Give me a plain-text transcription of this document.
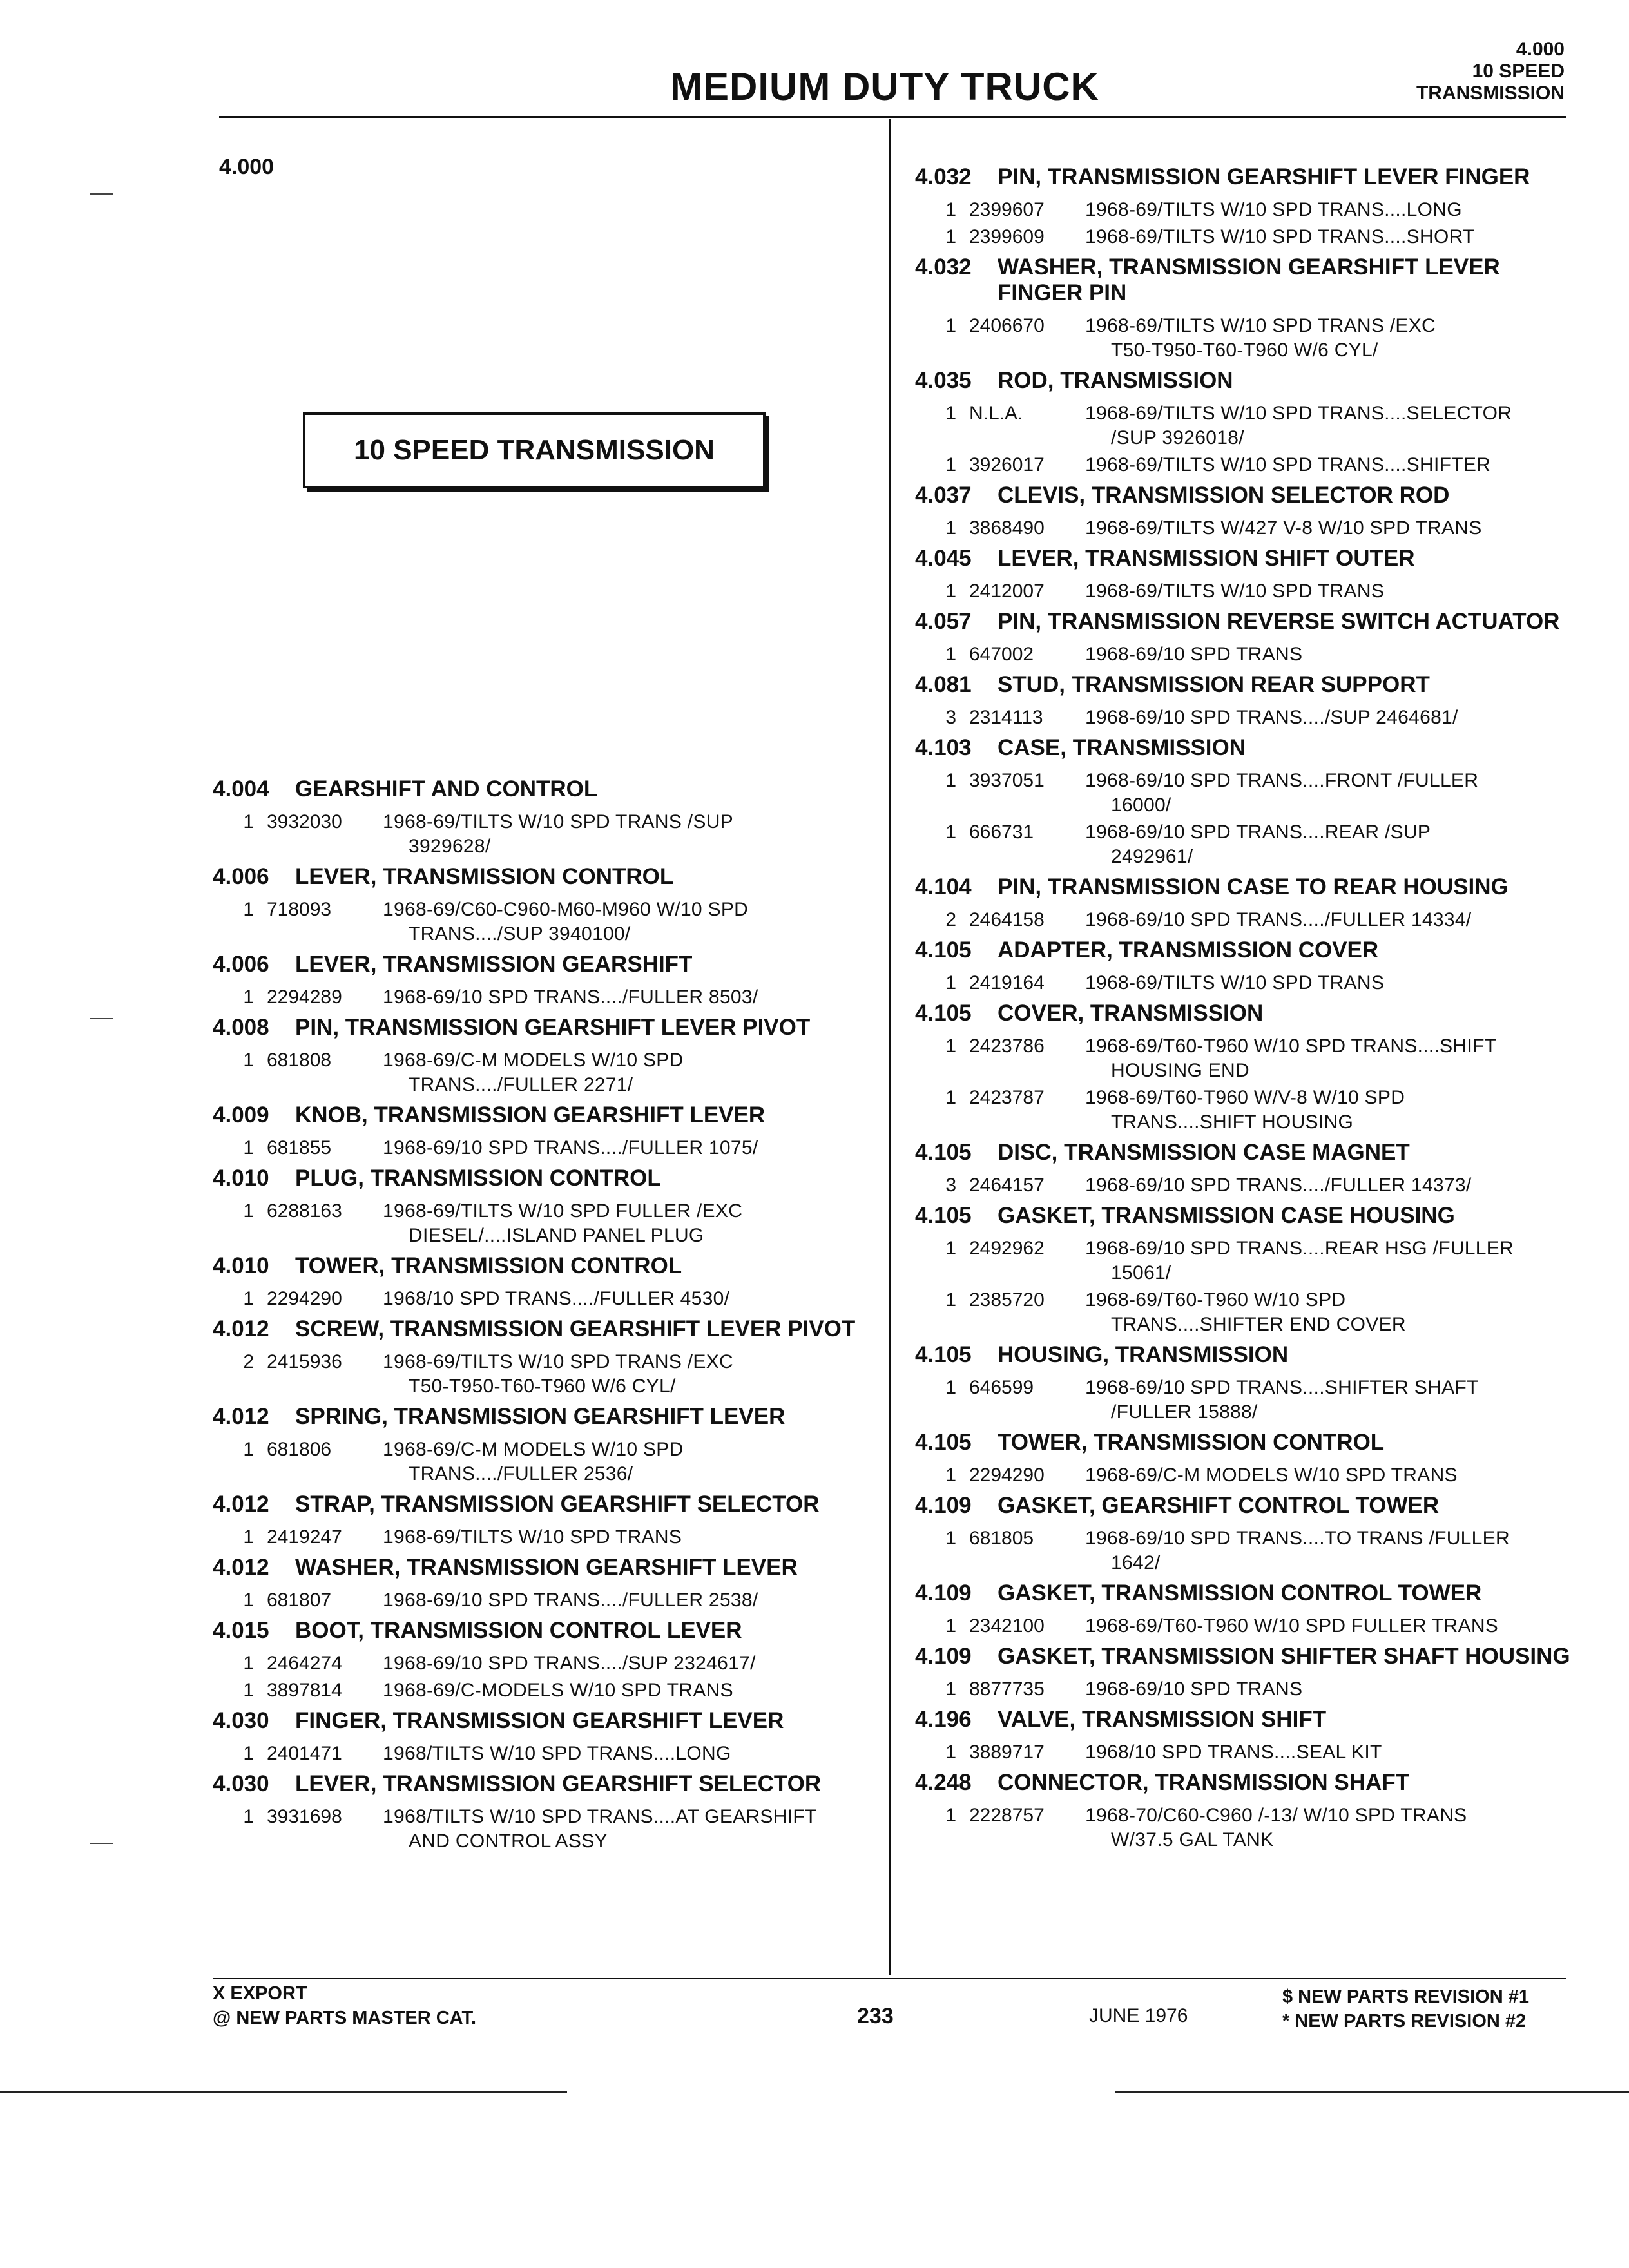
MEDIUM DUTY TRUCK
4.000
10 SPEED
TRANSMISSION
4.000
10 SPEED TRANSMISSION
4.004	GEARSHIFT AND CONTROL
1 3932030	1968-69/TILTS W/10 SPD TRANS /SUP
3929628/
4.006	LEVER, TRANSMISSION CONTROL
1 718093	1968-69/C60-C960-M60-M960 W/10 SPD
TRANS..../SUP 3940100/
4.006	LEVER, TRANSMISSION GEARSHIFT
1 2294289	1968-69/10 SPD TRANS..../FULLER 8503/
4.008	PIN, TRANSMISSION GEARSHIFT LEVER PIVOT
1 681808	1968-69/C-M MODELS W/10 SPD
TRANS..../FULLER 2271/
4.009	KNOB, TRANSMISSION GEARSHIFT LEVER
1 681855	1968-69/10 SPD TRANS..../FULLER 1075/
4.010	PLUG, TRANSMISSION CONTROL
1 6288163	1968-69/TILTS W/10 SPD FULLER /EXC
DIESEL/....ISLAND PANEL PLUG
4.010	TOWER, TRANSMISSION CONTROL
1 2294290	1968/10 SPD TRANS..../FULLER 4530/
4.012	SCREW, TRANSMISSION GEARSHIFT LEVER PIVOT
2 2415936	1968-69/TILTS W/10 SPD TRANS /EXC
T50-T950-T60-T960 W/6 CYL/
4.012	SPRING, TRANSMISSION GEARSHIFT LEVER
1 681806	1968-69/C-M MODELS W/10 SPD
TRANS..../FULLER 2536/
4.012	STRAP, TRANSMISSION GEARSHIFT SELECTOR
1 2419247	1968-69/TILTS W/10 SPD TRANS
4.012	WASHER, TRANSMISSION GEARSHIFT LEVER
1 681807	1968-69/10 SPD TRANS..../FULLER 2538/
4.015	BOOT, TRANSMISSION CONTROL LEVER
1 2464274	1968-69/10 SPD TRANS..../SUP 2324617/
1 3897814	1968-69/C-MODELS W/10 SPD TRANS
4.030	FINGER, TRANSMISSION GEARSHIFT LEVER
1 2401471	1968/TILTS W/10 SPD TRANS....LONG
4.030	LEVER, TRANSMISSION GEARSHIFT SELECTOR
1 3931698	1968/TILTS W/10 SPD TRANS....AT GEARSHIFT
AND CONTROL ASSY
4.032	PIN, TRANSMISSION GEARSHIFT LEVER FINGER
1 2399607	1968-69/TILTS W/10 SPD TRANS....LONG
1 2399609	1968-69/TILTS W/10 SPD TRANS....SHORT
4.032	WASHER, TRANSMISSION GEARSHIFT LEVER FINGER PIN
1 2406670	1968-69/TILTS W/10 SPD TRANS /EXC
T50-T950-T60-T960 W/6 CYL/
4.035	ROD, TRANSMISSION
1 N.L.A.	1968-69/TILTS W/10 SPD TRANS....SELECTOR
/SUP 3926018/
1 3926017	1968-69/TILTS W/10 SPD TRANS....SHIFTER
4.037	CLEVIS, TRANSMISSION SELECTOR ROD
1 3868490	1968-69/TILTS W/427 V-8 W/10 SPD TRANS
4.045	LEVER, TRANSMISSION SHIFT OUTER
1 2412007	1968-69/TILTS W/10 SPD TRANS
4.057	PIN, TRANSMISSION REVERSE SWITCH ACTUATOR
1 647002	1968-69/10 SPD TRANS
4.081	STUD, TRANSMISSION REAR SUPPORT
3 2314113	1968-69/10 SPD TRANS..../SUP 2464681/
4.103	CASE, TRANSMISSION
1 3937051	1968-69/10 SPD TRANS....FRONT /FULLER
16000/
1 666731	1968-69/10 SPD TRANS....REAR /SUP
2492961/
4.104	PIN, TRANSMISSION CASE TO REAR HOUSING
2 2464158	1968-69/10 SPD TRANS..../FULLER 14334/
4.105	ADAPTER, TRANSMISSION COVER
1 2419164	1968-69/TILTS W/10 SPD TRANS
4.105	COVER, TRANSMISSION
1 2423786	1968-69/T60-T960 W/10 SPD TRANS....SHIFT
HOUSING END
1 2423787	1968-69/T60-T960 W/V-8 W/10 SPD
TRANS....SHIFT HOUSING
4.105	DISC, TRANSMISSION CASE MAGNET
3 2464157	1968-69/10 SPD TRANS..../FULLER 14373/
4.105	GASKET, TRANSMISSION CASE HOUSING
1 2492962	1968-69/10 SPD TRANS....REAR HSG /FULLER
15061/
1 2385720	1968-69/T60-T960 W/10 SPD
TRANS....SHIFTER END COVER
4.105	HOUSING, TRANSMISSION
1 646599	1968-69/10 SPD TRANS....SHIFTER SHAFT
/FULLER 15888/
4.105	TOWER, TRANSMISSION CONTROL
1 2294290	1968-69/C-M MODELS W/10 SPD TRANS
4.109	GASKET, GEARSHIFT CONTROL TOWER
1 681805	1968-69/10 SPD TRANS....TO TRANS /FULLER
1642/
4.109	GASKET, TRANSMISSION CONTROL TOWER
1 2342100	1968-69/T60-T960 W/10 SPD FULLER TRANS
4.109	GASKET, TRANSMISSION SHIFTER SHAFT HOUSING
1 8877735	1968-69/10 SPD TRANS
4.196	VALVE, TRANSMISSION SHIFT
1 3889717	1968/10 SPD TRANS....SEAL KIT
4.248	CONNECTOR, TRANSMISSION SHAFT
1 2228757	1968-70/C60-C960 /-13/ W/10 SPD TRANS
W/37.5 GAL TANK
X EXPORT
@ NEW PARTS MASTER CAT.	233	JUNE 1976
$ NEW PARTS REVISION #1
* NEW PARTS REVISION #2
